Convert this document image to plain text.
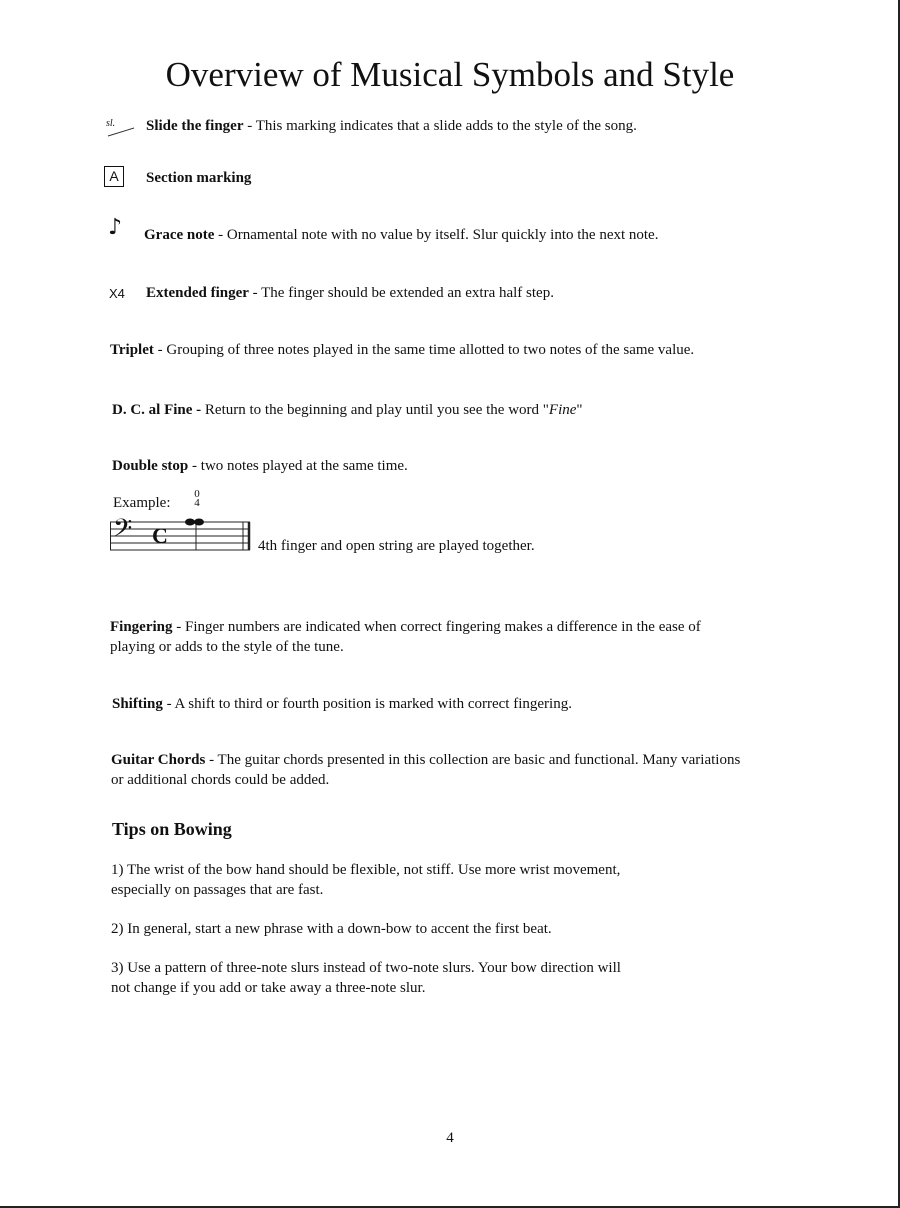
Overview of Musical Symbols and Style
sl. Slide the finger - This marking indicates that a slide adds to the style of the song.
A	Section marking
♪ Grace note - Ornamental note with no value by itself. Slur quickly into the next note.
X4 Extended finger - The finger should be extended an extra half step.
Triplet - Grouping of three notes played in the same time allotted to two notes of the same value.
D. C. al Fine - Return to the beginning and play until you see the word "Fine"
Double stop - two notes played at the same time.
Example:
0
4
𝄢 C	4th finger and open string are played together.
Fingering - Finger numbers are indicated when correct fingering makes a difference in the ease of
playing or adds to the style of the tune.
Shifting - A shift to third or fourth position is marked with correct fingering.
Guitar Chords - The guitar chords presented in this collection are basic and functional. Many variations
or additional chords could be added.
Tips on Bowing
1) The wrist of the bow hand should be flexible, not stiff. Use more wrist movement,
especially on passages that are fast.
2) In general, start a new phrase with a down-bow to accent the first beat.
3) Use a pattern of three-note slurs instead of two-note slurs. Your bow direction will
not change if you add or take away a three-note slur.
4
